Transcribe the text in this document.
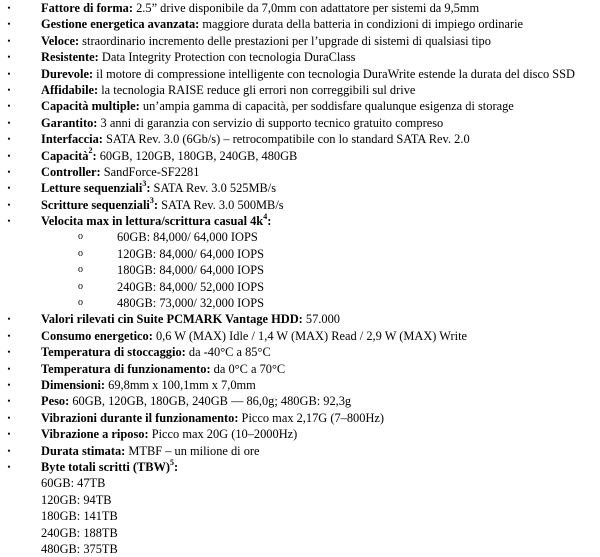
• Fattore di forma: 2.5” drive disponibile da 7,0mm con adattatore per sistemi da 9,5mm
• Gestione energetica avanzata: maggiore durata della batteria in condizioni di impiego ordinarie
• Veloce: straordinario incremento delle prestazioni per l’upgrade di sistemi di qualsiasi tipo
• Resistente: Data Integrity Protection con tecnologia DuraClass
• Durevole: il motore di compressione intelligente con tecnologia DuraWrite estende la durata del disco SSD
• Affidabile: la tecnologia RAISE reduce gli errori non correggibili sul drive
• Capacità multiple: un’ampia gamma di capacità, per soddisfare qualunque esigenza di storage
• Garantito: 3 anni di garanzia con servizio di supporto tecnico gratuito compreso
• Interfaccia: SATA Rev. 3.0 (6Gb/s) – retrocompatibile con lo standard SATA Rev. 2.0
• Capacità$^2$: 60GB, 120GB, 180GB, 240GB, 480GB
• Controller: SandForce-SF2281
• Letture sequenziali$^3$: SATA Rev. 3.0 525MB/s
• Scritture sequenziali$^3$: SATA Rev. 3.0 500MB/s
• Velocita max in lettura/scrittura casual $4k^4$:
o	60GB: 84,000/ 64,000 IOPS
o	120GB: 84,000/ 64,000 IOPS
o	180GB: 84,000/ 64,000 IOPS
o	240GB: 84,000/ 52,000 IOPS
o	480GB: 73,000/ 32,000 IOPS
• Valori rilevati cin Suite PCMARK Vantage HDD: 57.000
• Consumo energetico: 0,6 W (MAX) Idle / 1,4 W (MAX) Read / 2,9 W (MAX) Write
• Temperatura di stoccaggio: da -40°C a 85°C
• Temperatura di funzionamento: da 0°C a 70°C
• Dimensioni: 69,8mm x 100,1mm x 7,0mm
• Peso: 60GB, 120GB, 180GB, 240GB — 86,0g; 480GB: 92,3g
• Vibrazioni durante il funzionamento: Picco max 2,17G (7–800Hz)
• Vibrazione a riposo: Picco max 20G (10–2000Hz)
• Durata stimata: MTBF – un milione di ore
• Byte totali scritti (TBW)$^5$:
60GB: 47TB
120GB: 94TB
180GB: 141TB
240GB: 188TB
480GB: 375TB
